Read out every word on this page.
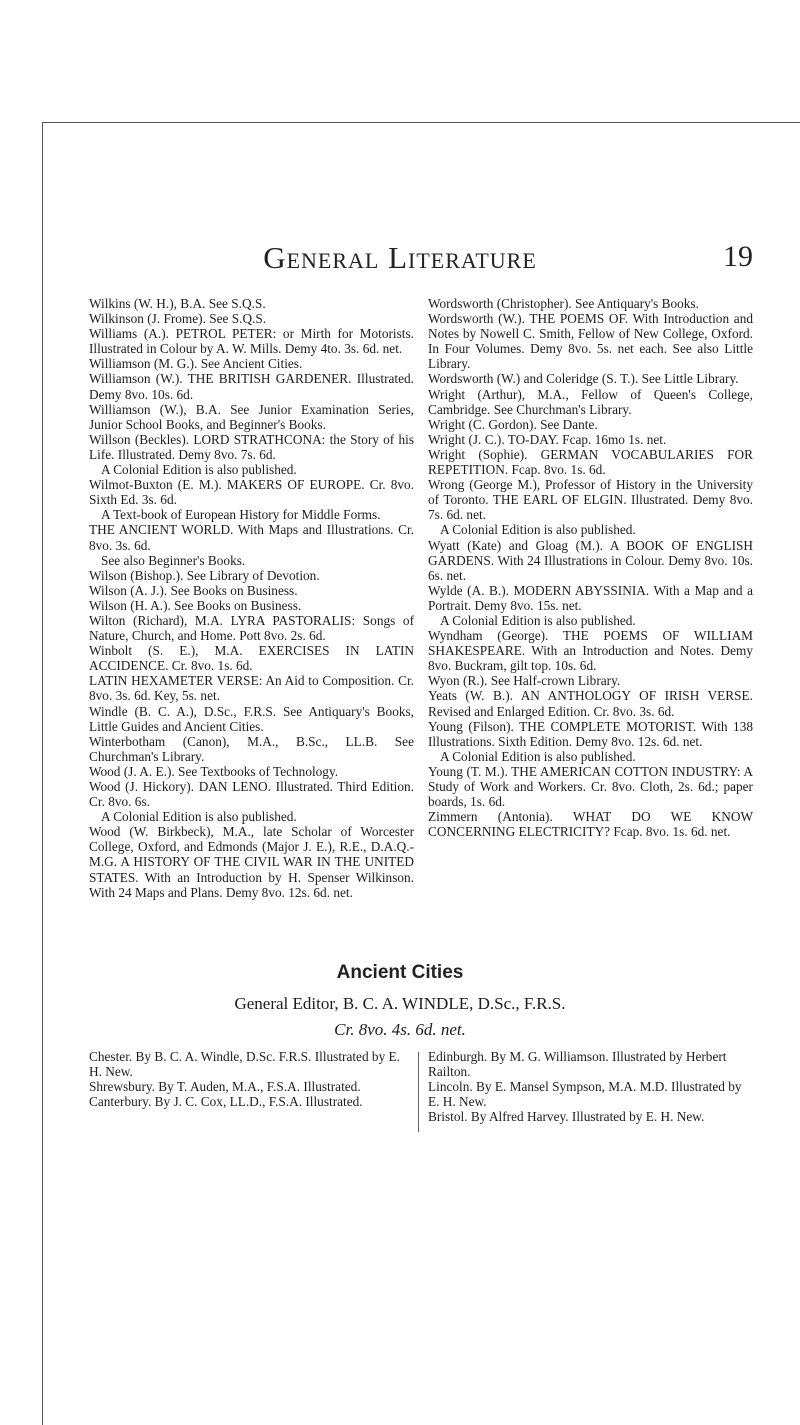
General Literature	19

Wilkins (W. H.), B.A. See S.Q.S.

Wilkinson (J. Frome). See S.Q.S.

Williams (A.). PETROL PETER: or Mirth for Motorists. Illustrated in Colour by A. W. Mills. Demy 4to. 3s. 6d. net.

Williamson (M. G.). See Ancient Cities.

Williamson (W.). THE BRITISH GARDENER. Illustrated. Demy 8vo. 10s. 6d.

Williamson (W.), B.A. See Junior Examination Series, Junior School Books, and Beginner's Books.

Willson (Beckles). LORD STRATHCONA: the Story of his Life. Illustrated. Demy 8vo. 7s. 6d.

A Colonial Edition is also published.

Wilmot-Buxton (E. M.). MAKERS OF EUROPE. Cr. 8vo. Sixth Ed. 3s. 6d.

A Text-book of European History for Middle Forms.

THE ANCIENT WORLD. With Maps and Illustrations. Cr. 8vo. 3s. 6d.

See also Beginner's Books.

Wilson (Bishop.). See Library of Devotion.

Wilson (A. J.). See Books on Business.

Wilson (H. A.). See Books on Business.

Wilton (Richard), M.A. LYRA PASTORALIS: Songs of Nature, Church, and Home. Pott 8vo. 2s. 6d.

Winbolt (S. E.), M.A. EXERCISES IN LATIN ACCIDENCE. Cr. 8vo. 1s. 6d.

LATIN HEXAMETER VERSE: An Aid to Composition. Cr. 8vo. 3s. 6d. Key, 5s. net.

Windle (B. C. A.), D.Sc., F.R.S. See Antiquary's Books, Little Guides and Ancient Cities.

Winterbotham (Canon), M.A., B.Sc., LL.B. See Churchman's Library.

Wood (J. A. E.). See Textbooks of Technology.

Wood (J. Hickory). DAN LENO. Illustrated. Third Edition. Cr. 8vo. 6s.

A Colonial Edition is also published.

Wood (W. Birkbeck), M.A., late Scholar of Worcester College, Oxford, and Edmonds (Major J. E.), R.E., D.A.Q.-M.G. A HISTORY OF THE CIVIL WAR IN THE UNITED STATES. With an Introduction by H. Spenser Wilkinson. With 24 Maps and Plans. Demy 8vo. 12s. 6d. net.

Wordsworth (Christopher). See Antiquary's Books.

Wordsworth (W.). THE POEMS OF. With Introduction and Notes by Nowell C. Smith, Fellow of New College, Oxford. In Four Volumes. Demy 8vo. 5s. net each. See also Little Library.

Wordsworth (W.) and Coleridge (S. T.). See Little Library.

Wright (Arthur), M.A., Fellow of Queen's College, Cambridge. See Churchman's Library.

Wright (C. Gordon). See Dante.

Wright (J. C.). TO-DAY. Fcap. 16mo 1s. net.

Wright (Sophie). GERMAN VOCABULARIES FOR REPETITION. Fcap. 8vo. 1s. 6d.

Wrong (George M.), Professor of History in the University of Toronto. THE EARL OF ELGIN. Illustrated. Demy 8vo. 7s. 6d. net.

A Colonial Edition is also published.

Wyatt (Kate) and Gloag (M.). A BOOK OF ENGLISH GARDENS. With 24 Illustrations in Colour. Demy 8vo. 10s. 6s. net.

Wylde (A. B.). MODERN ABYSSINIA. With a Map and a Portrait. Demy 8vo. 15s. net.

A Colonial Edition is also published.

Wyndham (George). THE POEMS OF WILLIAM SHAKESPEARE. With an Introduction and Notes. Demy 8vo. Buckram, gilt top. 10s. 6d.

Wyon (R.). See Half-crown Library.

Yeats (W. B.). AN ANTHOLOGY OF IRISH VERSE. Revised and Enlarged Edition. Cr. 8vo. 3s. 6d.

Young (Filson). THE COMPLETE MOTORIST. With 138 Illustrations. Sixth Edition. Demy 8vo. 12s. 6d. net.

A Colonial Edition is also published.

Young (T. M.). THE AMERICAN COTTON INDUSTRY: A Study of Work and Workers. Cr. 8vo. Cloth, 2s. 6d.; paper boards, 1s. 6d.

Zimmern (Antonia). WHAT DO WE KNOW CONCERNING ELECTRICITY? Fcap. 8vo. 1s. 6d. net.

Ancient Cities
General Editor, B. C. A. WINDLE, D.Sc., F.R.S.
Cr. 8vo. 4s. 6d. net.

Chester. By B. C. A. Windle, D.Sc. F.R.S. Illustrated by E. H. New.

Shrewsbury. By T. Auden, M.A., F.S.A. Illustrated.

Canterbury. By J. C. Cox, LL.D., F.S.A. Illustrated.

Edinburgh. By M. G. Williamson. Illustrated by Herbert Railton.

Lincoln. By E. Mansel Sympson, M.A. M.D. Illustrated by E. H. New.

Bristol. By Alfred Harvey. Illustrated by E. H. New.
